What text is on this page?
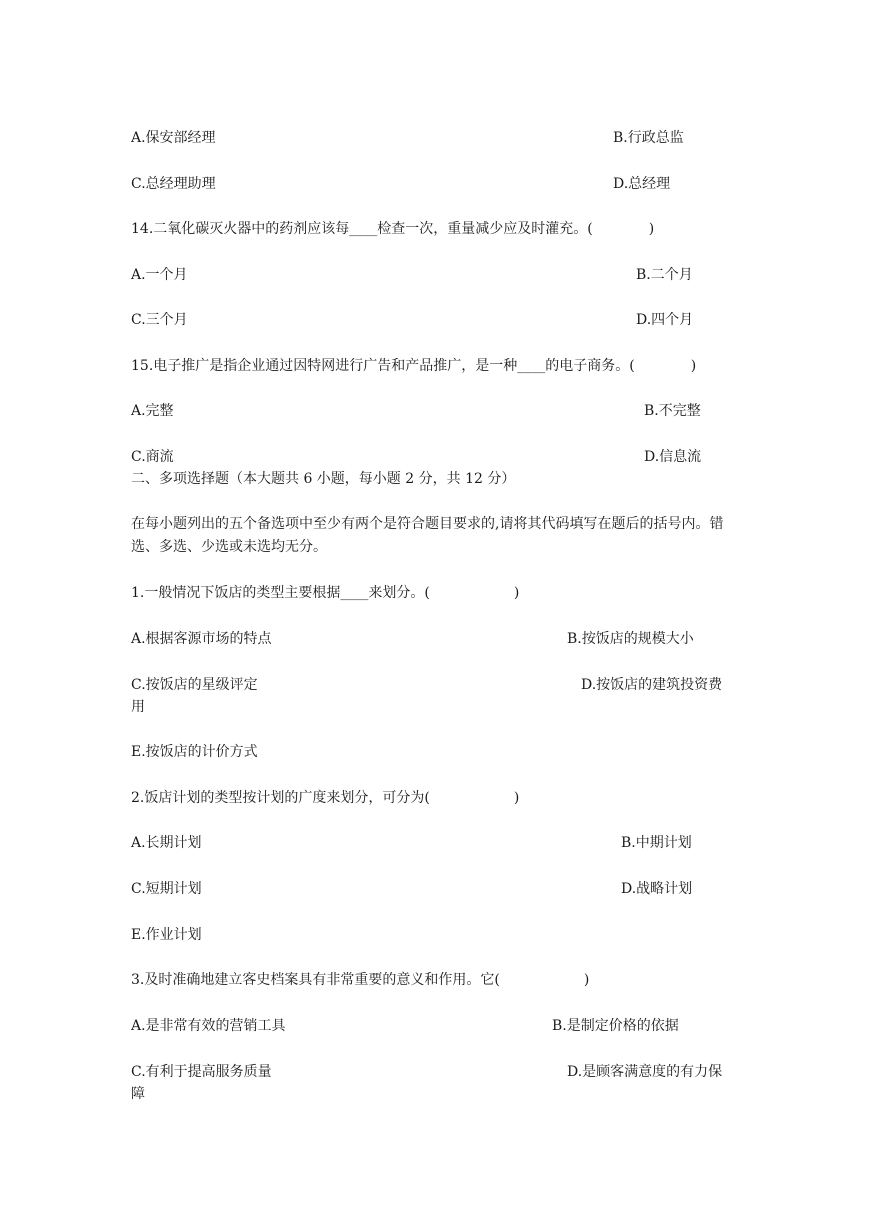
A.保安部经理	B.行政总监
C.总经理助理	D.总经理
14.二氧化碳灭火器中的药剂应该每____检查一次，重量减少应及时灌充。(　　　　)
A.一个月	B.二个月
C.三个月	D.四个月
15.电子推广是指企业通过因特网进行广告和产品推广，是一种____的电子商务。(　　　　)
A.完整	B.不完整
C.商流	D.信息流
二、多项选择题（本大题共 6 小题，每小题 2 分，共 12 分）
在每小题列出的五个备选项中至少有两个是符合题目要求的,请将其代码填写在题后的括号内。错选、多选、少选或未选均无分。
1.一般情况下饭店的类型主要根据____来划分。(　　　　　　)
A.根据客源市场的特点	B.按饭店的规模大小
C.按饭店的星级评定	D.按饭店的建筑投资费
用
E.按饭店的计价方式
2.饭店计划的类型按计划的广度来划分，可分为(　　　　　　)
A.长期计划	B.中期计划
C.短期计划	D.战略计划
E.作业计划
3.及时准确地建立客史档案具有非常重要的意义和作用。它(　　　　　　)
A.是非常有效的营销工具	B.是制定价格的依据
C.有利于提高服务质量	D.是顾客满意度的有力保
障
